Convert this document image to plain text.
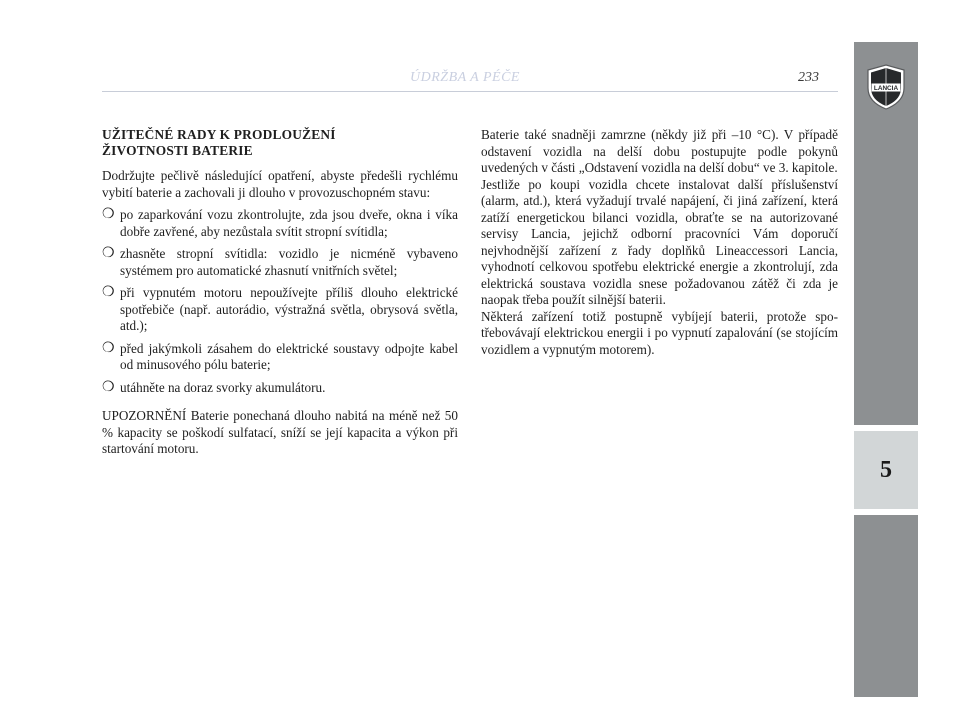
ÚDRŽBA A PÉČE	233
LANCIA
5
UŽITEČNÉ RADY K PRODLOUŽENÍ
ŽIVOTNOSTI BATERIE

Dodržujte pečlivě následující opatření, abyste předešli rychlému vybití baterie a zachovali ji dlouho v provozuschopném stavu:

❍ po zaparkování vozu zkontrolujte, zda jsou dveře, okna i víka dobře zavřené, aby nezůstala svítit stropní svítidla;
❍ zhasněte stropní svítidla: vozidlo je nicméně vybaveno systémem pro automatické zhasnutí vnitřních světel;
❍ při vypnutém motoru nepoužívejte příliš dlouho elektrické spotřebiče (např. autorádio, výstražná světla, obrysová světla, atd.);
❍ před jakýmkoli zásahem do elektrické soustavy odpojte kabel od minusového pólu baterie;
❍ utáhněte na doraz svorky akumulátoru.

UPOZORNĚNÍ Baterie ponechaná dlouho nabitá na méně než 50 % kapacity se poškodí sulfatací, sníží se její kapacita a výkon při startování motoru.

Baterie také snadněji zamrzne (někdy již při –10 °C). V případě odstavení vozidla na delší dobu postupujte podle pokynů uvedených v části „Odstavení vozidla na delší dobu“ ve 3. kapitole.

Jestliže po koupi vozidla chcete instalovat další příslušenství (alarm, atd.), která vyžadují trvalé napájení, či jiná zařízení, která zatíží energetickou bilanci vozidla, obraťte se na autorizované servisy Lancia, jejichž odborní pracovníci Vám doporučí nejvhodnější zařízení z řady doplňků Lineaccessori Lancia, vyhodnotí celkovou spotřebu elektrické energie a zkontrolují, zda elektrická soustava vozidla snese požadovanou zátěž či zda je naopak třeba použít silnější baterii.

Některá zařízení totiž postupně vybíjejí baterii, protože spotřebovávají elektrickou energii i po vypnutí zapalování (se stojícím vozidlem a vypnutým motorem).
